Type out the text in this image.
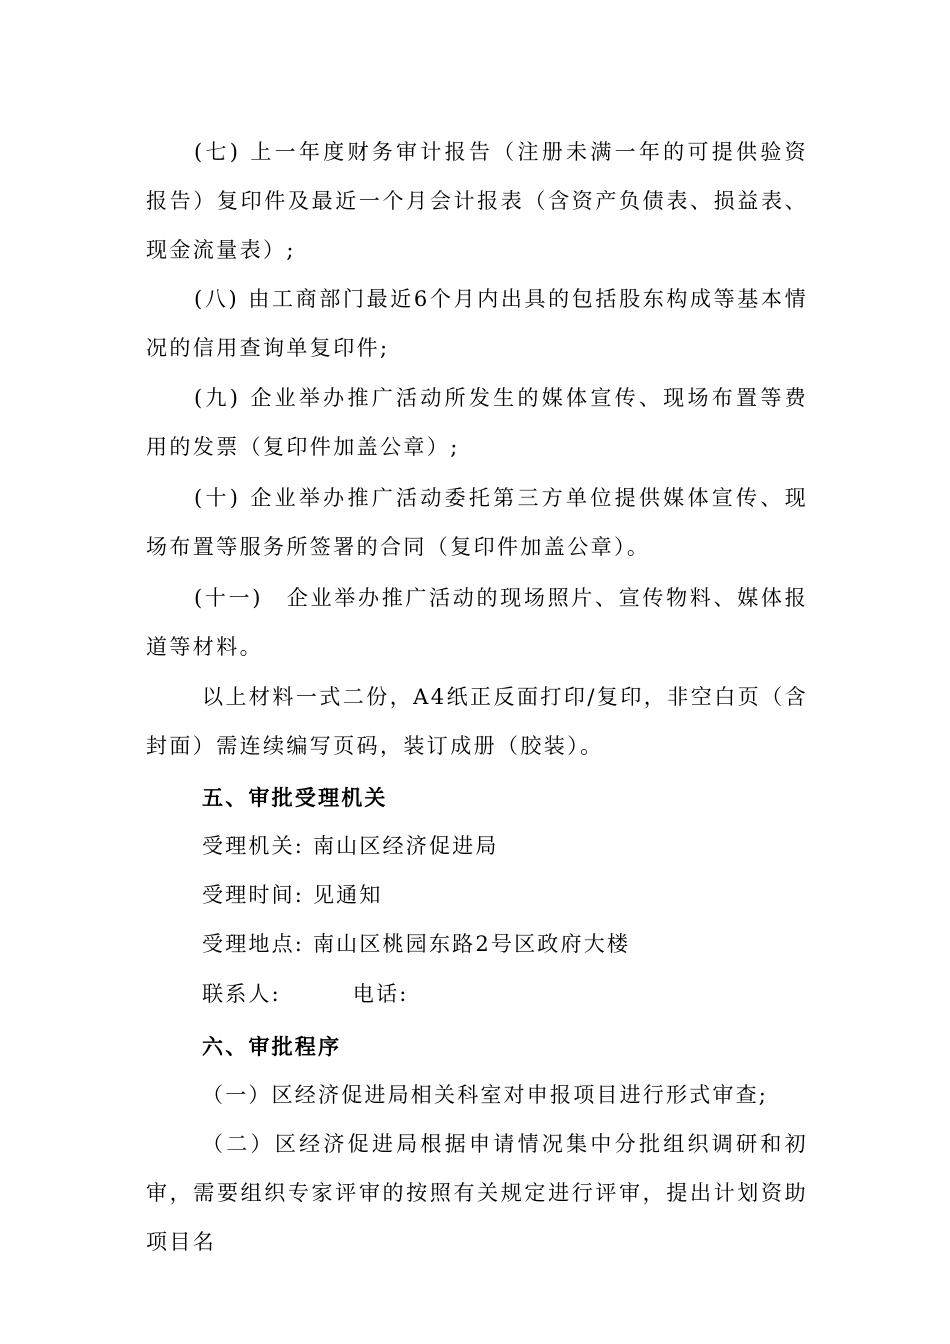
(七) 上一年度财务审计报告（注册未满一年的可提供验资报告）复印件及最近一个月会计报表（含资产负债表、损益表、现金流量表）;

(八) 由工商部门最近6个月内出具的包括股东构成等基本情况的信用查询单复印件;

(九) 企业举办推广活动所发生的媒体宣传、现场布置等费用的发票（复印件加盖公章）;

(十) 企业举办推广活动委托第三方单位提供媒体宣传、现场布置等服务所签署的合同（复印件加盖公章）。

(十一)　企业举办推广活动的现场照片、宣传物料、媒体报道等材料。

以上材料一式二份，A4纸正反面打印/复印，非空白页（含封面）需连续编写页码，装订成册（胶装）。

五、审批受理机关

受理机关: 南山区经济促进局

受理时间: 见通知

受理地点: 南山区桃园东路2号区政府大楼

联系人:	电话:

六、审批程序

（一）区经济促进局相关科室对申报项目进行形式审查;

（二）区经济促进局根据申请情况集中分批组织调研和初审，需要组织专家评审的按照有关规定进行评审，提出计划资助项目名
